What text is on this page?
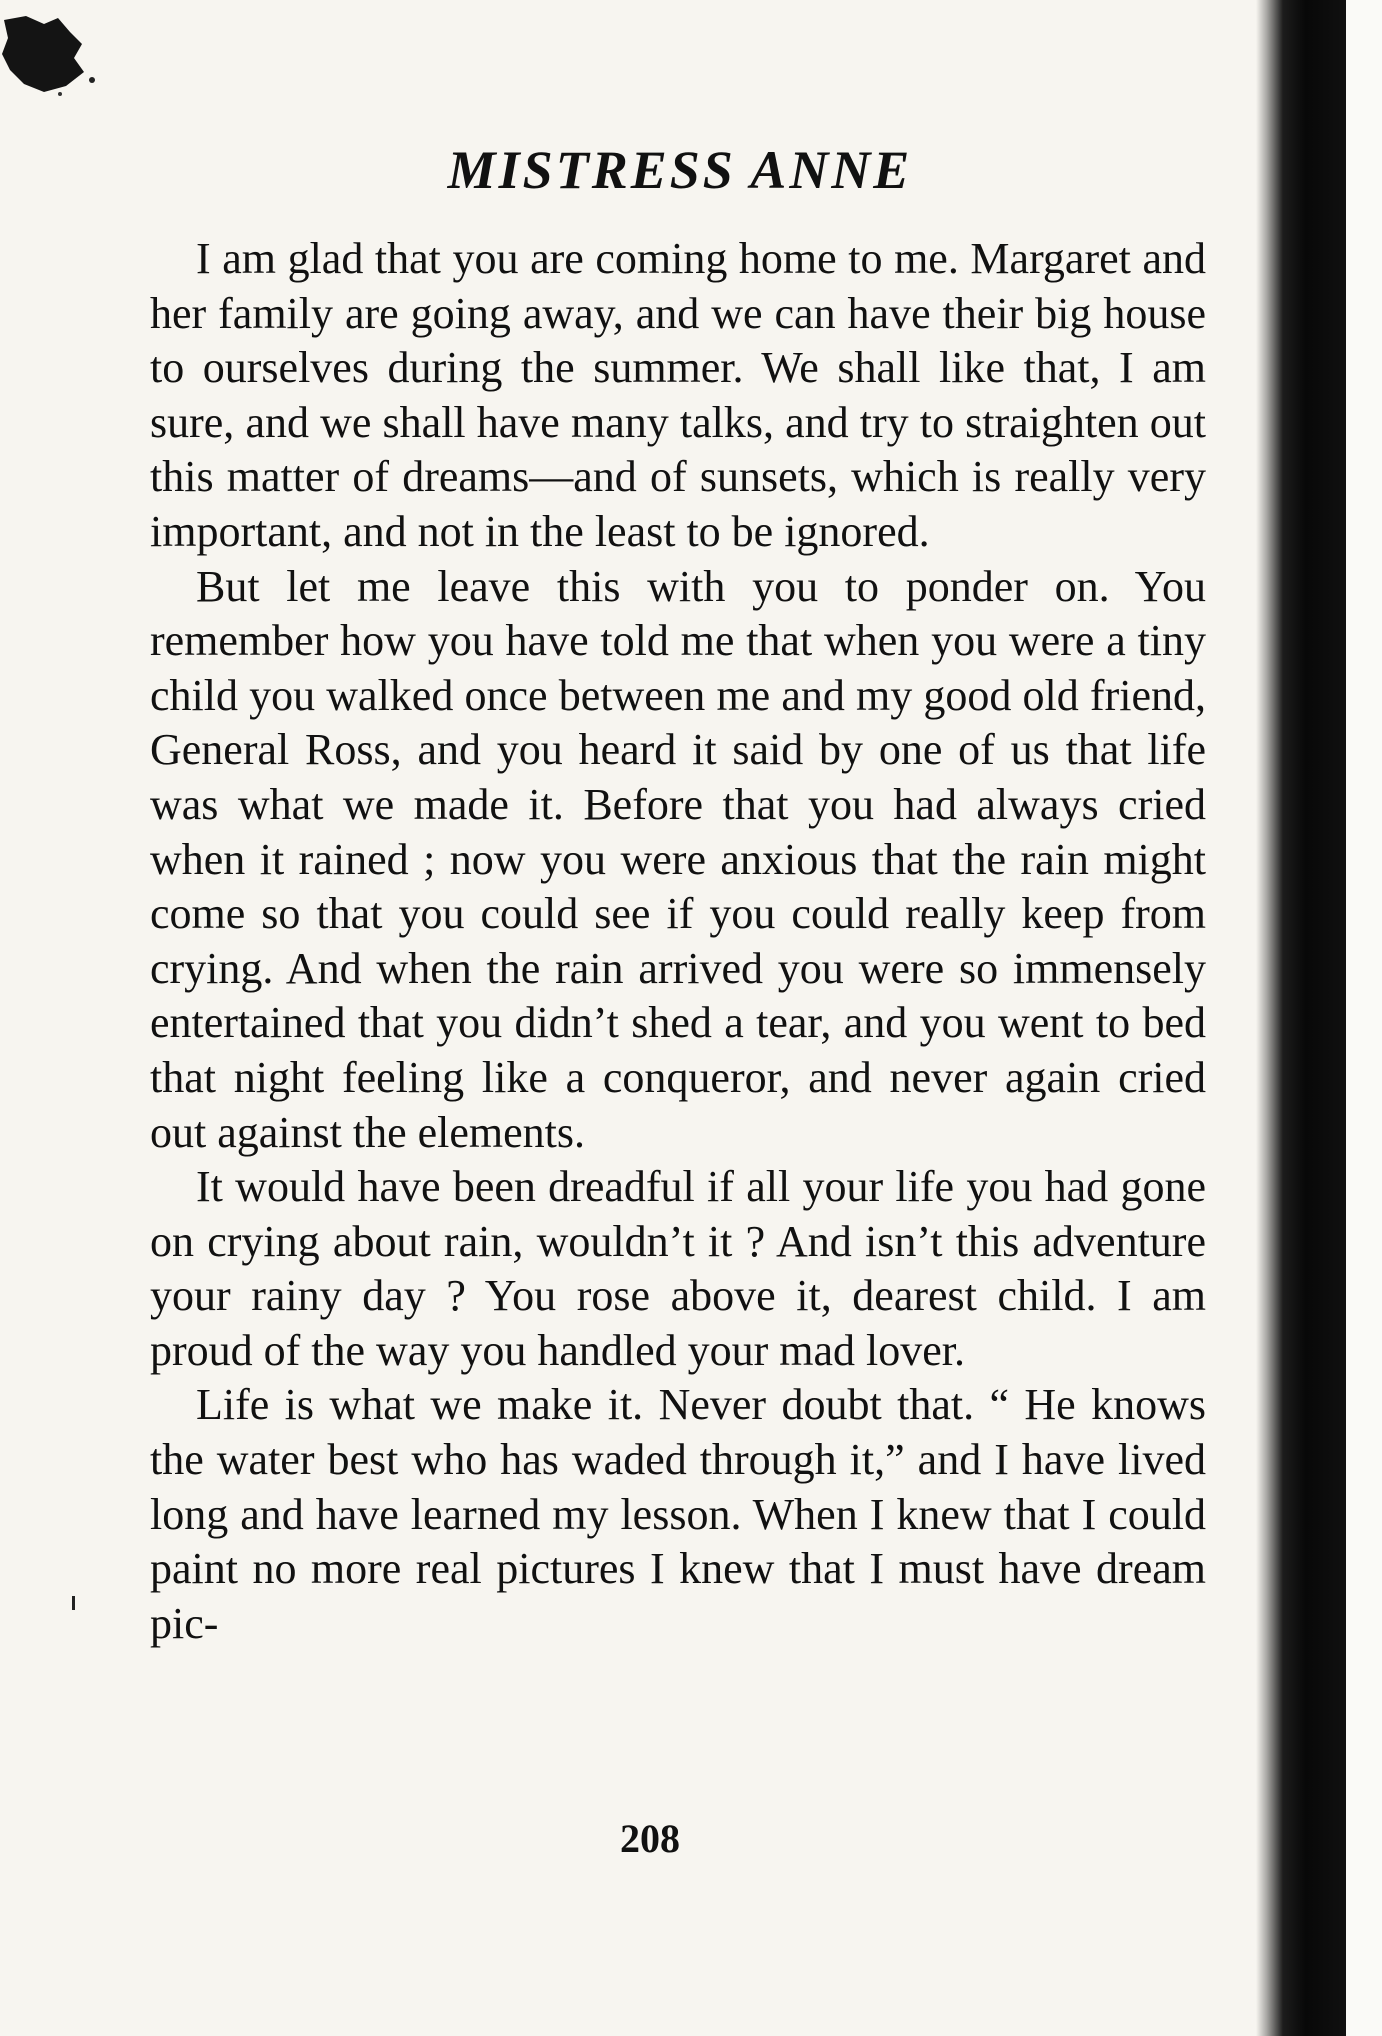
MISTRESS ANNE

I am glad that you are coming home to me. Margaret and her family are going away, and we can have their big house to ourselves during the summer. We shall like that, I am sure, and we shall have many talks, and try to straighten out this matter of dreams—and of sunsets, which is really very important, and not in the least to be ignored.

But let me leave this with you to ponder on. You remember how you have told me that when you were a tiny child you walked once between me and my good old friend, General Ross, and you heard it said by one of us that life was what we made it. Before that you had always cried when it rained ; now you were anxious that the rain might come so that you could see if you could really keep from crying. And when the rain arrived you were so immensely entertained that you didn’t shed a tear, and you went to bed that night feeling like a conqueror, and never again cried out against the elements.

It would have been dreadful if all your life you had gone on crying about rain, wouldn’t it ? And isn’t this adventure your rainy day ? You rose above it, dearest child. I am proud of the way you handled your mad lover.

Life is what we make it. Never doubt that. “ He knows the water best who has waded through it,” and I have lived long and have learned my lesson. When I knew that I could paint no more real pictures I knew that I must have dream pic-

208
